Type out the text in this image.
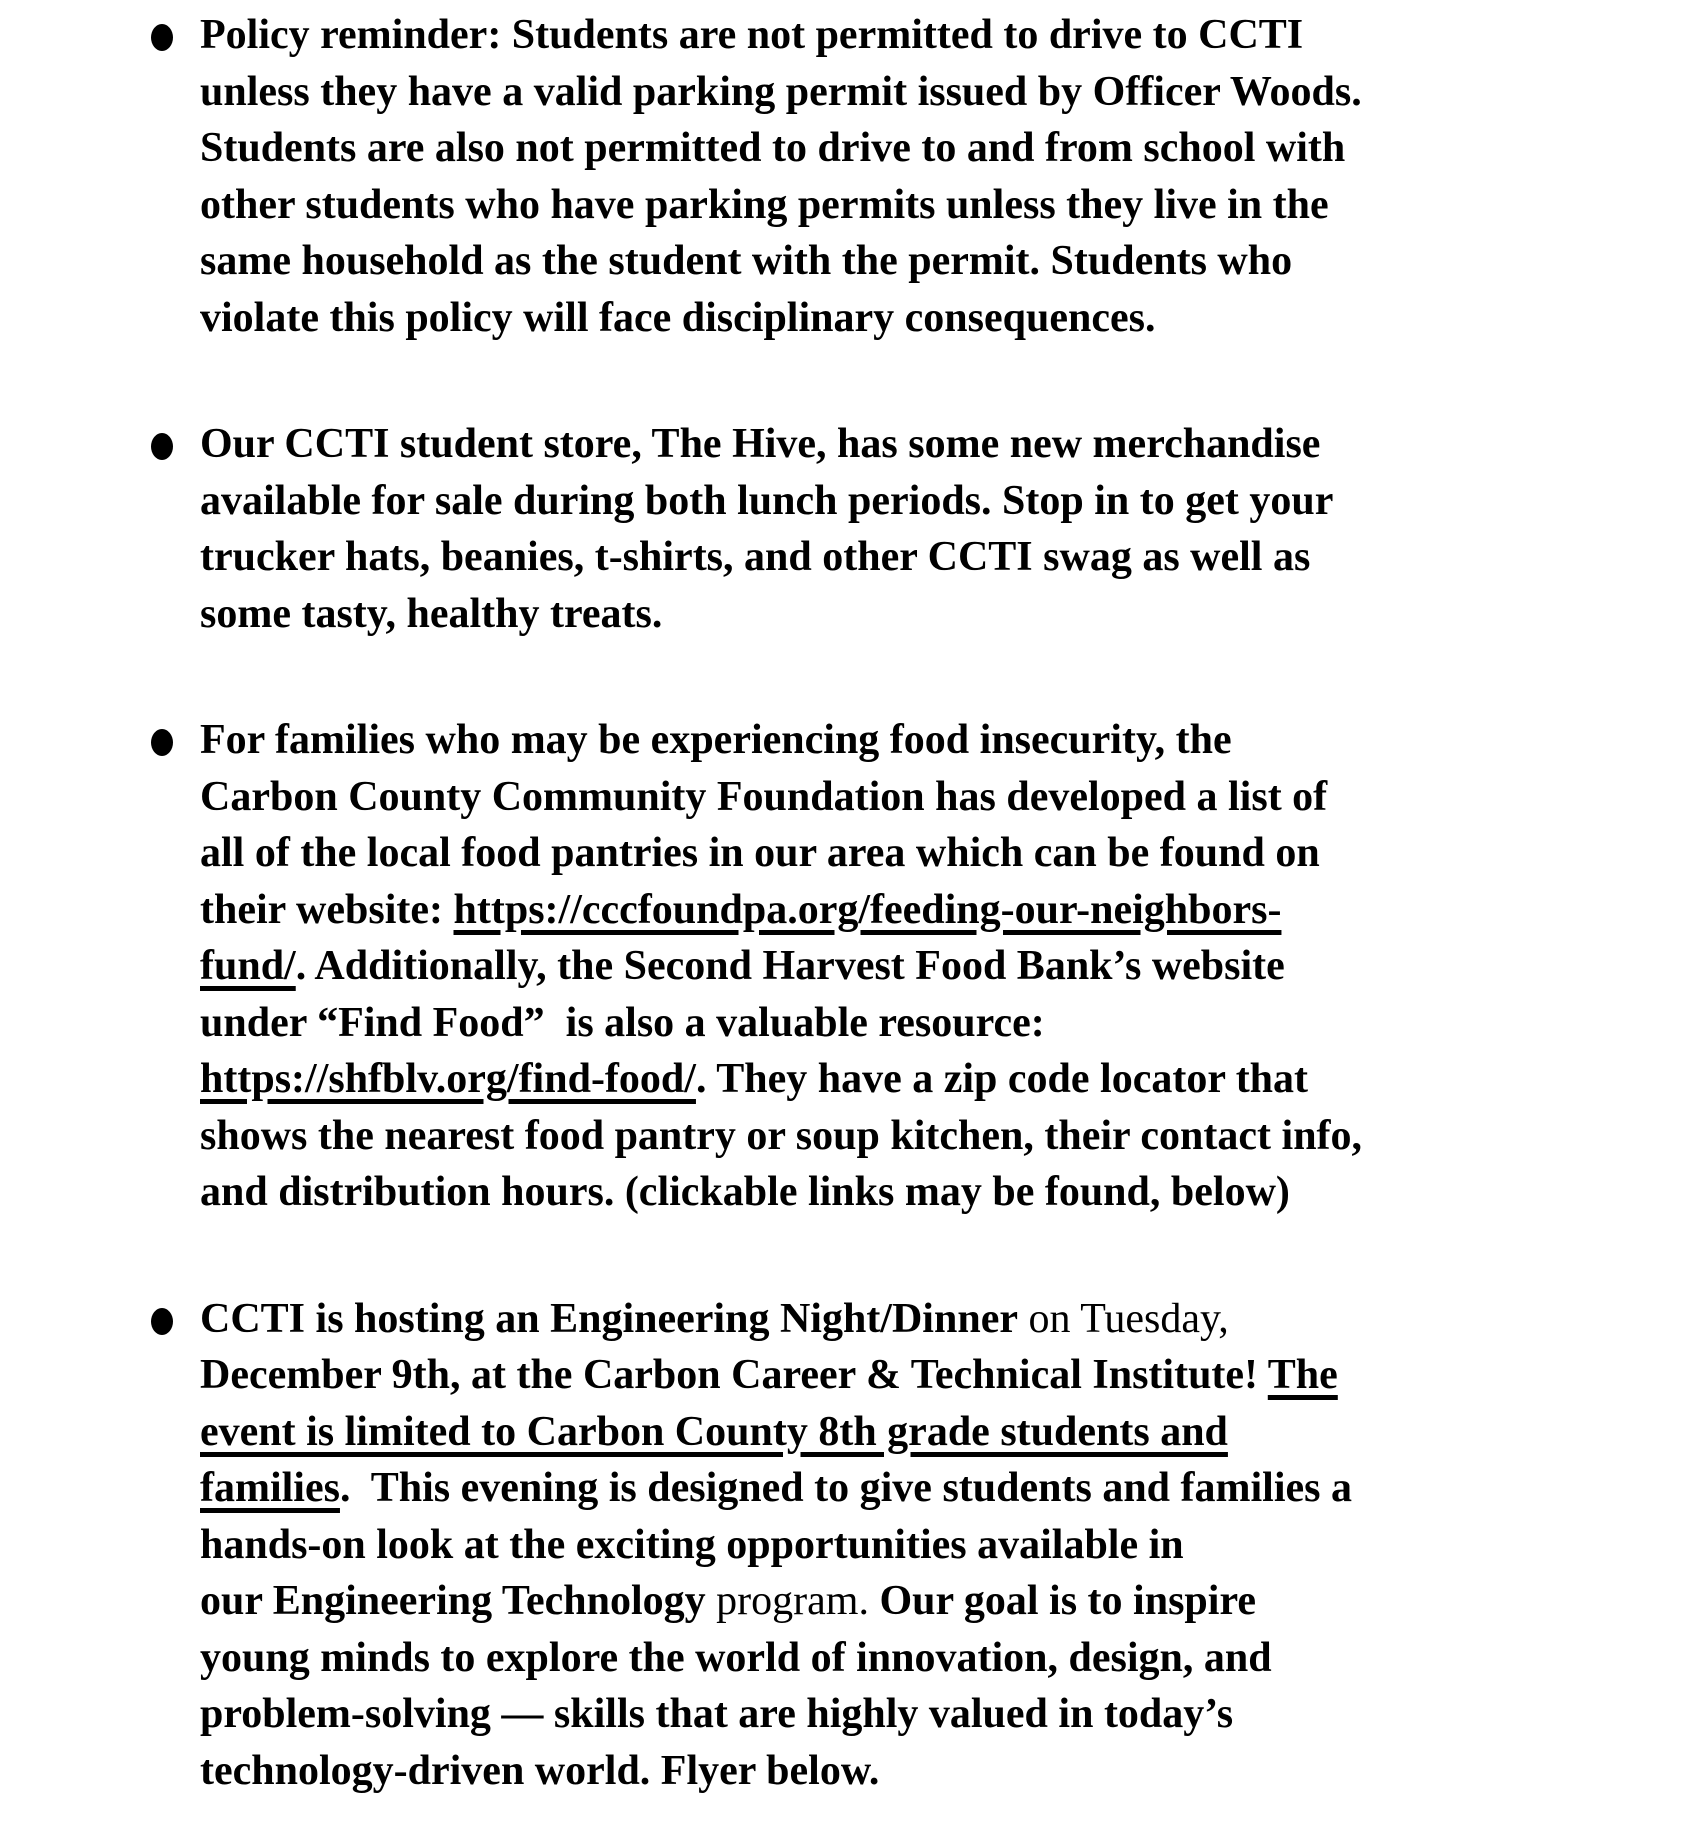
Policy reminder: Students are not permitted to drive to CCTI
unless they have a valid parking permit issued by Officer Woods.
Students are also not permitted to drive to and from school with
other students who have parking permits unless they live in the
same household as the student with the permit. Students who
violate this policy will face disciplinary consequences.
Our CCTI student store, The Hive, has some new merchandise
available for sale during both lunch periods. Stop in to get your
trucker hats, beanies, t-shirts, and other CCTI swag as well as
some tasty, healthy treats.
For families who may be experiencing food insecurity, the
Carbon County Community Foundation has developed a list of
all of the local food pantries in our area which can be found on
their website: https://cccfoundpa.org/feeding-our-neighbors-
fund/. Additionally, the Second Harvest Food Bank’s website
under “Find Food”  is also a valuable resource:
https://shfblv.org/find-food/. They have a zip code locator that
shows the nearest food pantry or soup kitchen, their contact info,
and distribution hours. (clickable links may be found, below)
CCTI is hosting an Engineering Night/Dinner on Tuesday,
December 9th, at the Carbon Career & Technical Institute! The
event is limited to Carbon County 8th grade students and
families.  This evening is designed to give students and families a
hands-on look at the exciting opportunities available in
our Engineering Technology program. Our goal is to inspire
young minds to explore the world of innovation, design, and
problem-solving — skills that are highly valued in today’s
technology-driven world. Flyer below.
